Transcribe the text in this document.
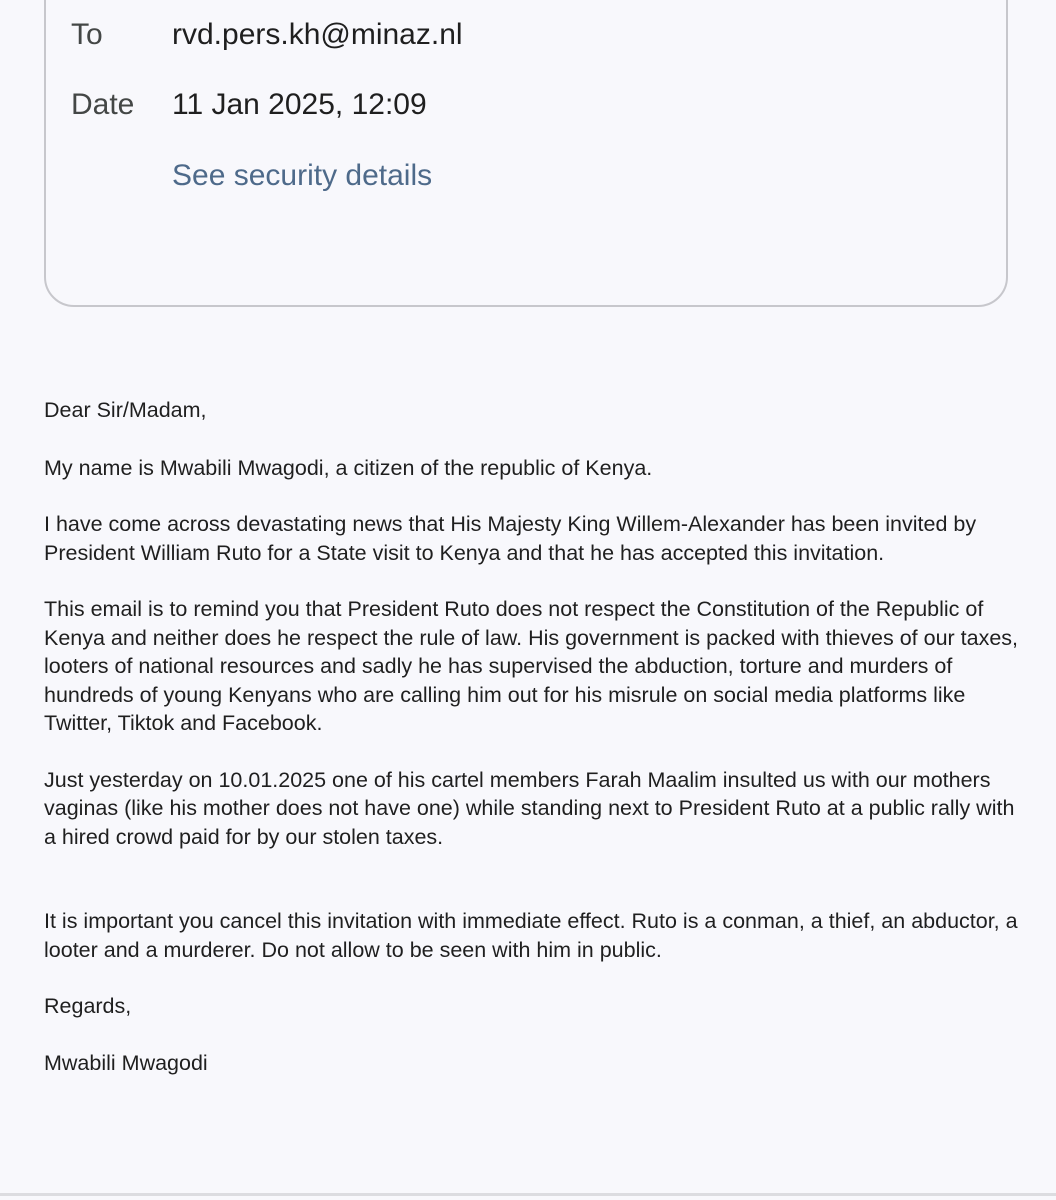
To rvd.pers.kh@minaz.nl
Date 11 Jan 2025, 12:09
See security details

Dear Sir/Madam,

My name is Mwabili Mwagodi, a citizen of the republic of Kenya.

I have come across devastating news that His Majesty King Willem-Alexander has been invited by President William Ruto for a State visit to Kenya and that he has accepted this invitation.

This email is to remind you that President Ruto does not respect the Constitution of the Republic of Kenya and neither does he respect the rule of law. His government is packed with thieves of our taxes, looters of national resources and sadly he has supervised the abduction, torture and murders of hundreds of young Kenyans who are calling him out for his misrule on social media platforms like Twitter, Tiktok and Facebook.

Just yesterday on 10.01.2025 one of his cartel members Farah Maalim insulted us with our mothers vaginas (like his mother does not have one) while standing next to President Ruto at a public rally with a hired crowd paid for by our stolen taxes.

It is important you cancel this invitation with immediate effect. Ruto is a conman, a thief, an abductor, a looter and a murderer. Do not allow to be seen with him in public.

Regards,

Mwabili Mwagodi
